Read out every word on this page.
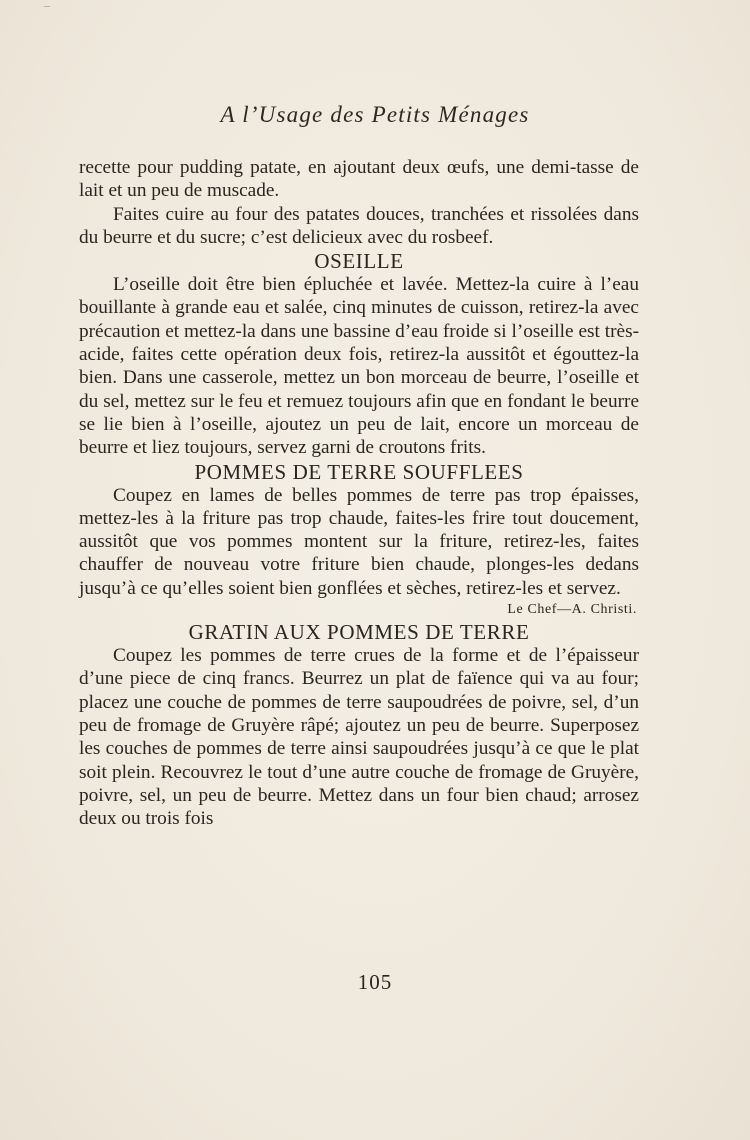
A l’Usage des Petits Ménages

recette pour pudding patate, en ajoutant deux œufs, une demi-tasse de lait et un peu de muscade.

Faites cuire au four des patates douces, tranchées et rissolées dans du beurre et du sucre; c’est delicieux avec du rosbeef.

OSEILLE

L’oseille doit être bien épluchée et lavée. Mettez-la cuire à l’eau bouillante à grande eau et salée, cinq minutes de cuisson, retirez-la avec précaution et mettez-la dans une bassine d’eau froide si l’oseille est très-acide, faites cette opération deux fois, retirez-la aussitôt et égouttez-la bien. Dans une casserole, mettez un bon morceau de beurre, l’oseille et du sel, mettez sur le feu et remuez toujours afin que en fondant le beurre se lie bien à l’oseille, ajoutez un peu de lait, encore un morceau de beurre et liez toujours, servez garni de croutons frits.

POMMES DE TERRE SOUFFLEES

Coupez en lames de belles pommes de terre pas trop épaisses, mettez-les à la friture pas trop chaude, faites-les frire tout doucement, aussitôt que vos pommes montent sur la friture, retirez-les, faites chauffer de nouveau votre friture bien chaude, plonges-les dedans jusqu’à ce qu’elles soient bien gonflées et sèches, retirez-les et servez.

Le Chef—A. Christi.
GRATIN AUX POMMES DE TERRE

Coupez les pommes de terre crues de la forme et de l’épaisseur d’une piece de cinq francs. Beurrez un plat de faïence qui va au four; placez une couche de pommes de terre saupoudrées de poivre, sel, d’un peu de fromage de Gruyère râpé; ajoutez un peu de beurre. Superposez les couches de pommes de terre ainsi saupoudrées jusqu’à ce que le plat soit plein. Recouvrez le tout d’une autre couche de fromage de Gruyère, poivre, sel, un peu de beurre. Mettez dans un four bien chaud; arrosez deux ou trois fois

105
